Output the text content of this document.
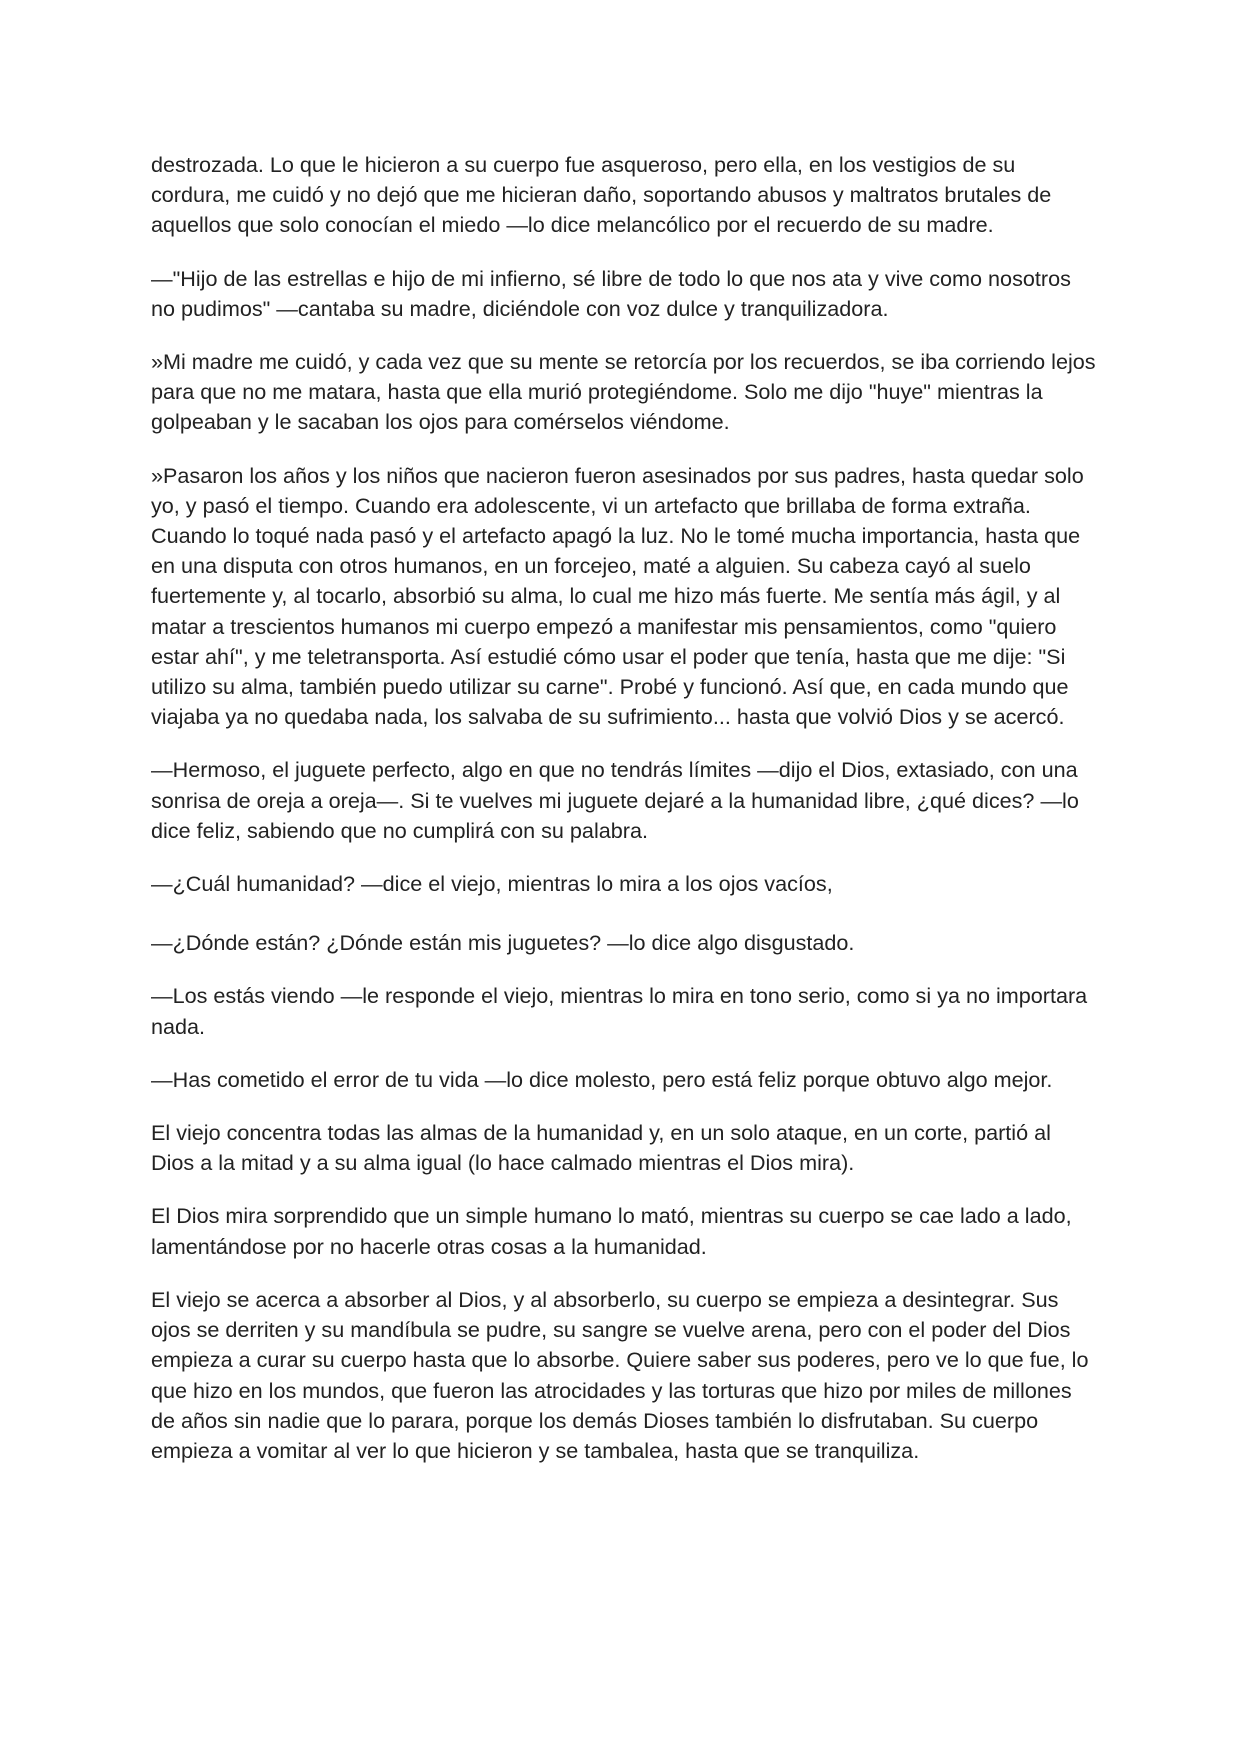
destrozada. Lo que le hicieron a su cuerpo fue asqueroso, pero ella, en los vestigios de su cordura, me cuidó y no dejó que me hicieran daño, soportando abusos y maltratos brutales de aquellos que solo conocían el miedo —lo dice melancólico por el recuerdo de su madre.

—"Hijo de las estrellas e hijo de mi infierno, sé libre de todo lo que nos ata y vive como nosotros no pudimos" —cantaba su madre, diciéndole con voz dulce y tranquilizadora.

»Mi madre me cuidó, y cada vez que su mente se retorcía por los recuerdos, se iba corriendo lejos para que no me matara, hasta que ella murió protegiéndome. Solo me dijo "huye" mientras la golpeaban y le sacaban los ojos para comérselos viéndome.

»Pasaron los años y los niños que nacieron fueron asesinados por sus padres, hasta quedar solo yo, y pasó el tiempo. Cuando era adolescente, vi un artefacto que brillaba de forma extraña. Cuando lo toqué nada pasó y el artefacto apagó la luz. No le tomé mucha importancia, hasta que en una disputa con otros humanos, en un forcejeo, maté a alguien. Su cabeza cayó al suelo fuertemente y, al tocarlo, absorbió su alma, lo cual me hizo más fuerte. Me sentía más ágil, y al matar a trescientos humanos mi cuerpo empezó a manifestar mis pensamientos, como "quiero estar ahí", y me teletransporta. Así estudié cómo usar el poder que tenía, hasta que me dije: "Si utilizo su alma, también puedo utilizar su carne". Probé y funcionó. Así que, en cada mundo que viajaba ya no quedaba nada, los salvaba de su sufrimiento... hasta que volvió Dios y se acercó.

—Hermoso, el juguete perfecto, algo en que no tendrás límites —dijo el Dios, extasiado, con una sonrisa de oreja a oreja—. Si te vuelves mi juguete dejaré a la humanidad libre, ¿qué dices? —lo dice feliz, sabiendo que no cumplirá con su palabra.

—¿Cuál humanidad? —dice el viejo, mientras lo mira a los ojos vacíos,

—¿Dónde están? ¿Dónde están mis juguetes? —lo dice algo disgustado.

—Los estás viendo —le responde el viejo, mientras lo mira en tono serio, como si ya no importara nada.

—Has cometido el error de tu vida —lo dice molesto, pero está feliz porque obtuvo algo mejor.

El viejo concentra todas las almas de la humanidad y, en un solo ataque, en un corte, partió al Dios a la mitad y a su alma igual (lo hace calmado mientras el Dios mira).

El Dios mira sorprendido que un simple humano lo mató, mientras su cuerpo se cae lado a lado, lamentándose por no hacerle otras cosas a la humanidad.

El viejo se acerca a absorber al Dios, y al absorberlo, su cuerpo se empieza a desintegrar. Sus ojos se derriten y su mandíbula se pudre, su sangre se vuelve arena, pero con el poder del Dios empieza a curar su cuerpo hasta que lo absorbe. Quiere saber sus poderes, pero ve lo que fue, lo que hizo en los mundos, que fueron las atrocidades y las torturas que hizo por miles de millones de años sin nadie que lo parara, porque los demás Dioses también lo disfrutaban. Su cuerpo empieza a vomitar al ver lo que hicieron y se tambalea, hasta que se tranquiliza.
